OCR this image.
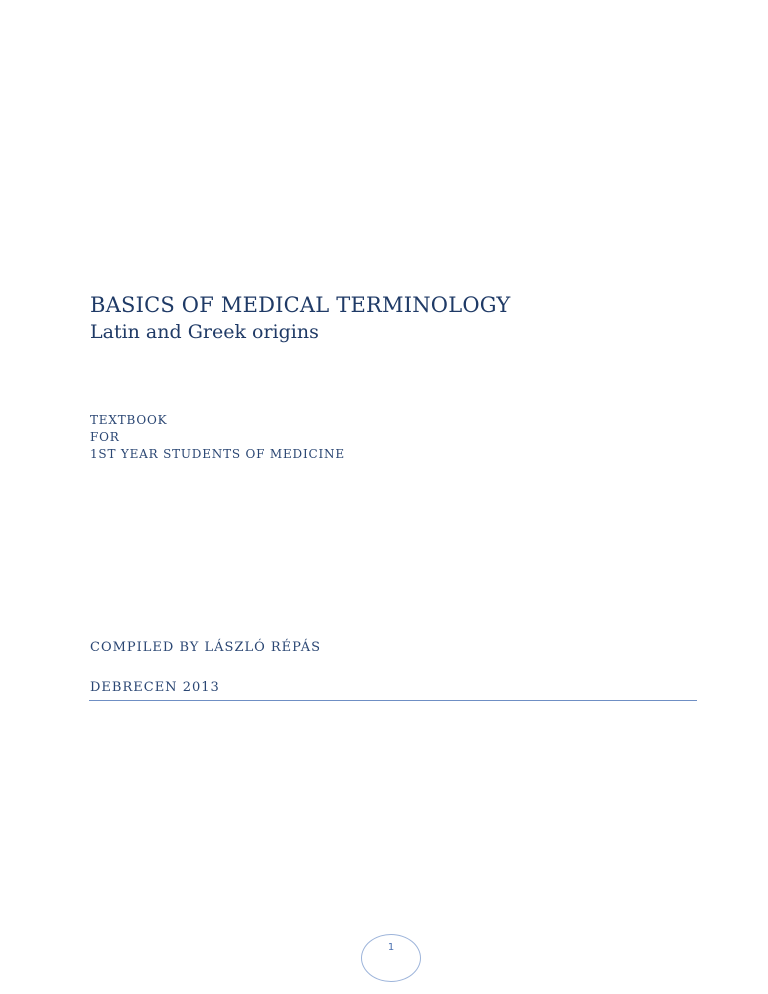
BASICS OF MEDICAL TERMINOLOGY
Latin and Greek origins
TEXTBOOK
FOR
1ST YEAR STUDENTS OF MEDICINE
COMPILED BY LÁSZLÓ RÉPÁS
DEBRECEN 2013
1
